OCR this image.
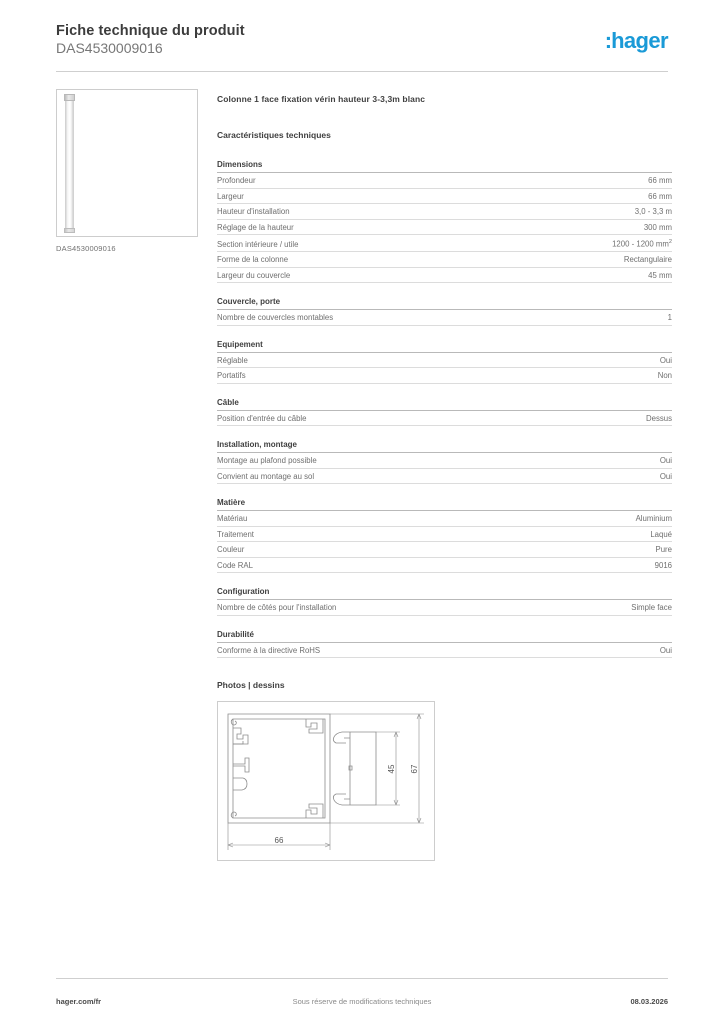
Fiche technique du produit
DAS4530009016	:hager
DAS4530009016
Colonne 1 face fixation vérin hauteur 3-3,3m blanc
Caractéristiques techniques
Dimensions
Profondeur	66 mm
Largeur	66 mm
Hauteur d'installation	3,0 - 3,3 m
Réglage de la hauteur	300 mm
Section intérieure / utile	1200 - 1200 $mm^2$
Forme de la colonne	Rectangulaire
Largeur du couvercle	45 mm
Couvercle, porte
Nombre de couvercles montables	1
Equipement
Réglable	Oui
Portatifs	Non
Câble
Position d'entrée du câble	Dessus
Installation, montage
Montage au plafond possible	Oui
Convient au montage au sol	Oui
Matière
Matériau	Aluminium
Traitement	Laqué
Couleur	Pure
Code RAL	9016
Configuration
Nombre de côtés pour l'installation	Simple face
Durabilité
Conforme à la directive RoHS	Oui
Photos | dessins
66
45 67
hager.com/fr	Sous réserve de modifications techniques	08.03.2026
